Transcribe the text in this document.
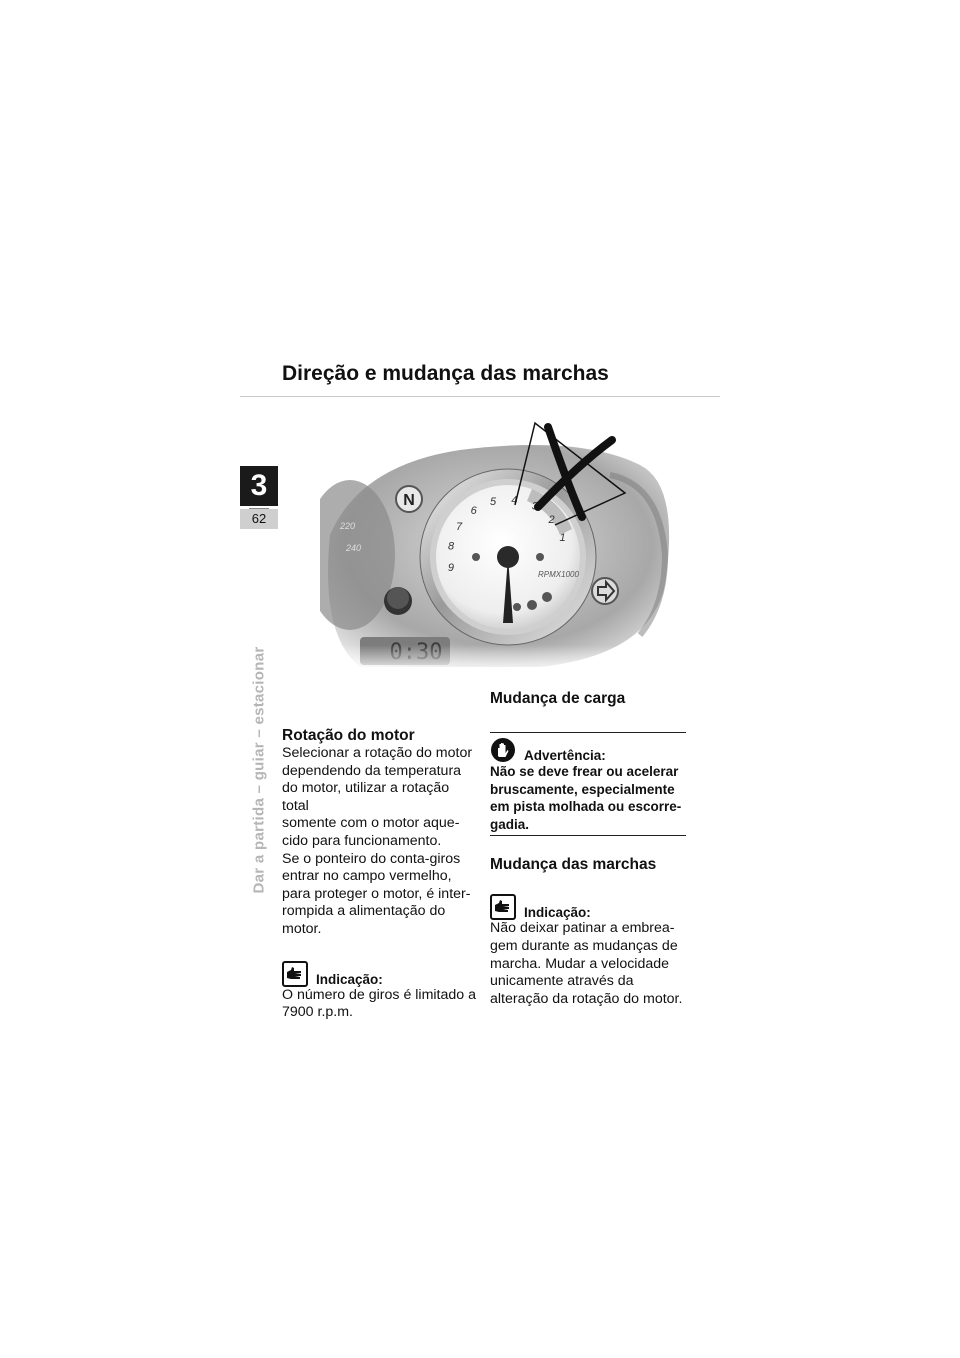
Direção e mudança das marchas
3
62
Dar a partida – guiar – estacionar
220
240
N
1
2
3
4
5
6
7
8
9
RPMX1000
Rotação do motor

Selecionar a rotação do motor

dependendo da temperatura

do motor, utilizar a rotação total

somente com o motor aque-

cido para funcionamento.

Se o ponteiro do conta-giros

entrar no campo vermelho,

para proteger o motor, é inter-

rompida a alimentação do

motor.

Indicação:

O número de giros é limitado a

7900 r.p.m.

Mudança de carga
Advertência:

Não se deve frear ou acelerar

bruscamente, especialmente

em pista molhada ou escorre-

gadia.

Mudança das marchas
Indicação:

Não deixar patinar a embrea-

gem durante as mudanças de

marcha. Mudar a velocidade

unicamente através da

alteração da rotação do motor.
